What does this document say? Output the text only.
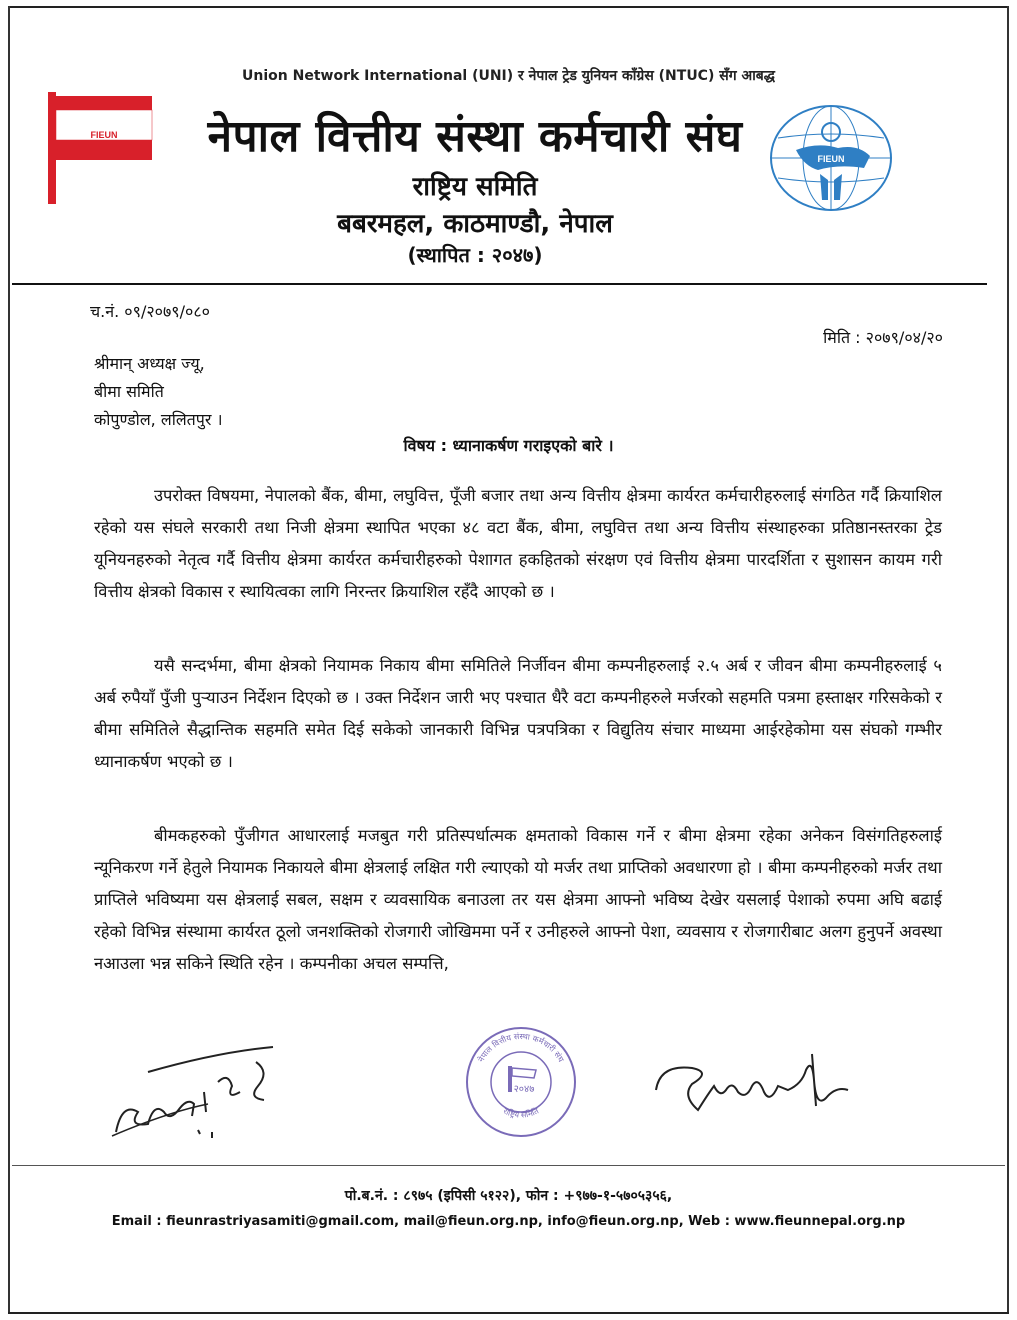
Union Network International (UNI) र नेपाल ट्रेड युनियन काँग्रेस (NTUC) सँग आबद्ध
FIEUN	नेपाल वित्तीय संस्था कर्मचारी संघ
राष्ट्रिय समिति
बबरमहल, काठमाण्डौ, नेपाल
(स्थापित : २०४७)
FIEUN
च.नं. ०९/२०७९/०८०
मिति : २०७९/०४/२०
श्रीमान् अध्यक्ष ज्यू,
बीमा समिति
कोपुण्डोल, ललितपुर ।
विषय : ध्यानाकर्षण गराइएको बारे ।

उपरोक्त विषयमा, नेपालको बैंक, बीमा, लघुवित्त, पूँजी बजार तथा अन्य वित्तीय क्षेत्रमा कार्यरत कर्मचारीहरुलाई संगठित गर्दै क्रियाशिल रहेको यस संघले सरकारी तथा निजी क्षेत्रमा स्थापित भएका ४८ वटा बैंक, बीमा, लघुवित्त तथा अन्य वित्तीय संस्थाहरुका प्रतिष्ठानस्तरका ट्रेड यूनियनहरुको नेतृत्व गर्दै वित्तीय क्षेत्रमा कार्यरत कर्मचारीहरुको पेशागत हकहितको संरक्षण एवं वित्तीय क्षेत्रमा पारदर्शिता र सुशासन कायम गरी वित्तीय क्षेत्रको विकास र स्थायित्वका लागि निरन्तर क्रियाशिल रहँदै आएको छ ।

यसै सन्दर्भमा, बीमा क्षेत्रको नियामक निकाय बीमा समितिले निर्जीवन बीमा कम्पनीहरुलाई २.५ अर्ब र जीवन बीमा कम्पनीहरुलाई ५ अर्ब रुपैयाँ पुँजी पुर्‍याउन निर्देशन दिएको छ । उक्त निर्देशन जारी भए पश्चात धैरै वटा कम्पनीहरुले मर्जरको सहमति पत्रमा हस्ताक्षर गरिसकेको र बीमा समितिले सैद्धान्तिक सहमति समेत दिई सकेको जानकारी विभिन्न पत्रपत्रिका र विद्युतिय संचार माध्यमा आईरहेकोमा यस संघको गम्भीर ध्यानाकर्षण भएको छ ।

बीमकहरुको पुँजीगत आधारलाई मजबुत गरी प्रतिस्पर्धात्मक क्षमताको विकास गर्ने र बीमा क्षेत्रमा रहेका अनेकन विसंगतिहरुलाई न्यूनिकरण गर्ने हेतुले नियामक निकायले बीमा क्षेत्रलाई लक्षित गरी ल्याएको यो मर्जर तथा प्राप्तिको अवधारणा हो । बीमा कम्पनीहरुको मर्जर तथा प्राप्तिले भविष्यमा यस क्षेत्रलाई सबल, सक्षम र व्यवसायिक बनाउला तर यस क्षेत्रमा आफ्नो भविष्य देखेर यसलाई पेशाको रुपमा अघि बढाई रहेको विभिन्न संस्थामा कार्यरत ठूलो जनशक्तिको रोजगारी जोखिममा पर्ने र उनीहरुले आफ्नो पेशा, व्यवसाय र रोजगारीबाट अलग हुनुपर्ने अवस्था नआउला भन्न सकिने स्थिति रहेन । कम्पनीका अचल सम्पत्ति,

नेपाल वित्तीय संस्था कर्मचारी संघ
राष्ट्रिय समिति
२०४७
पो.ब.नं. : ८९७५ (इपिसी ५१२२), फोन : +९७७-१-५७०५३५६,
Email : fieunrastriyasamiti@gmail.com, mail@fieun.org.np, info@fieun.org.np, Web : www.fieunnepal.org.np
